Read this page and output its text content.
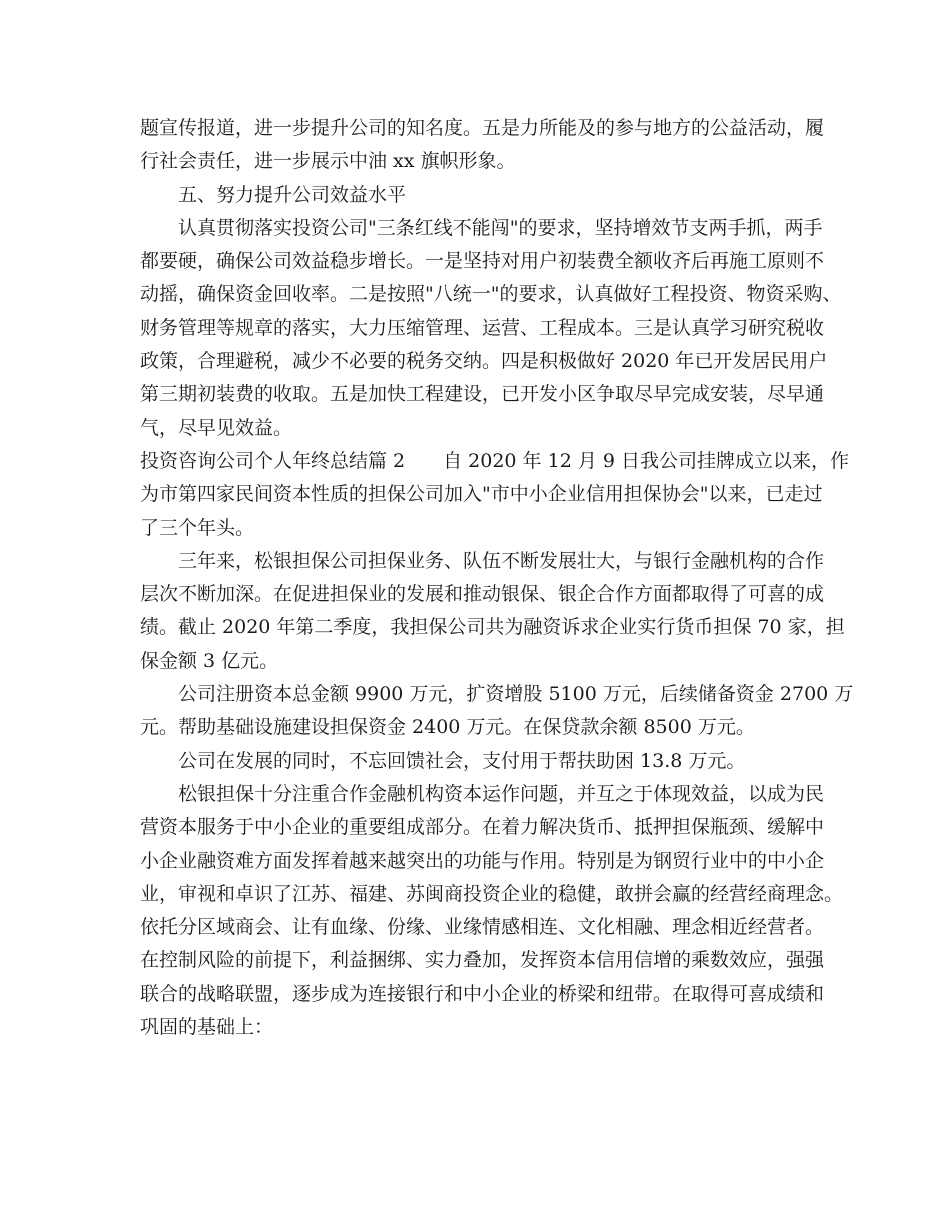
题宣传报道，进一步提升公司的知名度。五是力所能及的参与地方的公益活动，履
行社会责任，进一步展示中油 xx 旗帜形象。
五、努力提升公司效益水平
认真贯彻落实投资公司"三条红线不能闯"的要求，坚持增效节支两手抓，两手
都要硬，确保公司效益稳步增长。一是坚持对用户初装费全额收齐后再施工原则不
动摇，确保资金回收率。二是按照"八统一"的要求，认真做好工程投资、物资采购、
财务管理等规章的落实，大力压缩管理、运营、工程成本。三是认真学习研究税收
政策，合理避税，减少不必要的税务交纳。四是积极做好 2020 年已开发居民用户
第三期初装费的收取。五是加快工程建设，已开发小区争取尽早完成安装，尽早通
气，尽早见效益。
投资咨询公司个人年终总结篇 2　　自 2020 年 12 月 9 日我公司挂牌成立以来，作
为市第四家民间资本性质的担保公司加入"市中小企业信用担保协会"以来，已走过
了三个年头。
三年来，松银担保公司担保业务、队伍不断发展壮大，与银行金融机构的合作
层次不断加深。在促进担保业的发展和推动银保、银企合作方面都取得了可喜的成
绩。截止 2020 年第二季度，我担保公司共为融资诉求企业实行货币担保 70 家，担
保金额 3 亿元。
公司注册资本总金额 9900 万元，扩资增股 5100 万元，后续储备资金 2700 万
元。帮助基础设施建设担保资金 2400 万元。在保贷款余额 8500 万元。
公司在发展的同时，不忘回馈社会，支付用于帮扶助困 13.8 万元。
松银担保十分注重合作金融机构资本运作问题，并互之于体现效益，以成为民
营资本服务于中小企业的重要组成部分。在着力解决货币、抵押担保瓶颈、缓解中
小企业融资难方面发挥着越来越突出的功能与作用。特别是为钢贸行业中的中小企
业，审视和卓识了江苏、福建、苏闽商投资企业的稳健，敢拼会赢的经营经商理念。
依托分区域商会、让有血缘、份缘、业缘情感相连、文化相融、理念相近经营者。
在控制风险的前提下，利益捆绑、实力叠加，发挥资本信用信增的乘数效应，强强
联合的战略联盟，逐步成为连接银行和中小企业的桥梁和纽带。在取得可喜成绩和
巩固的基础上：
